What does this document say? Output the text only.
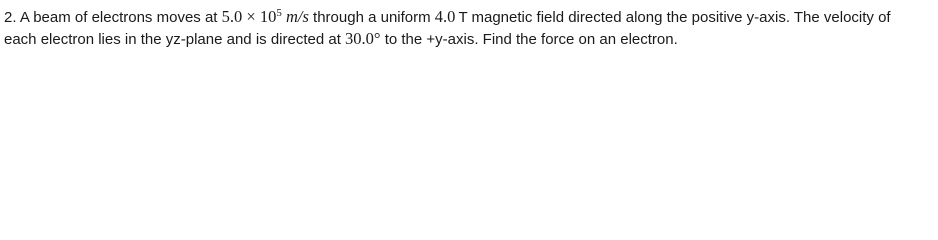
2. A beam of electrons moves at $5.0 \times 10^5$ m/s through a uniform 4.0  T magnetic field directed along the positive y-axis. The velocity of
each electron lies in the yz-plane and is directed at 30.0° to the +y-axis. Find the force on an electron.
